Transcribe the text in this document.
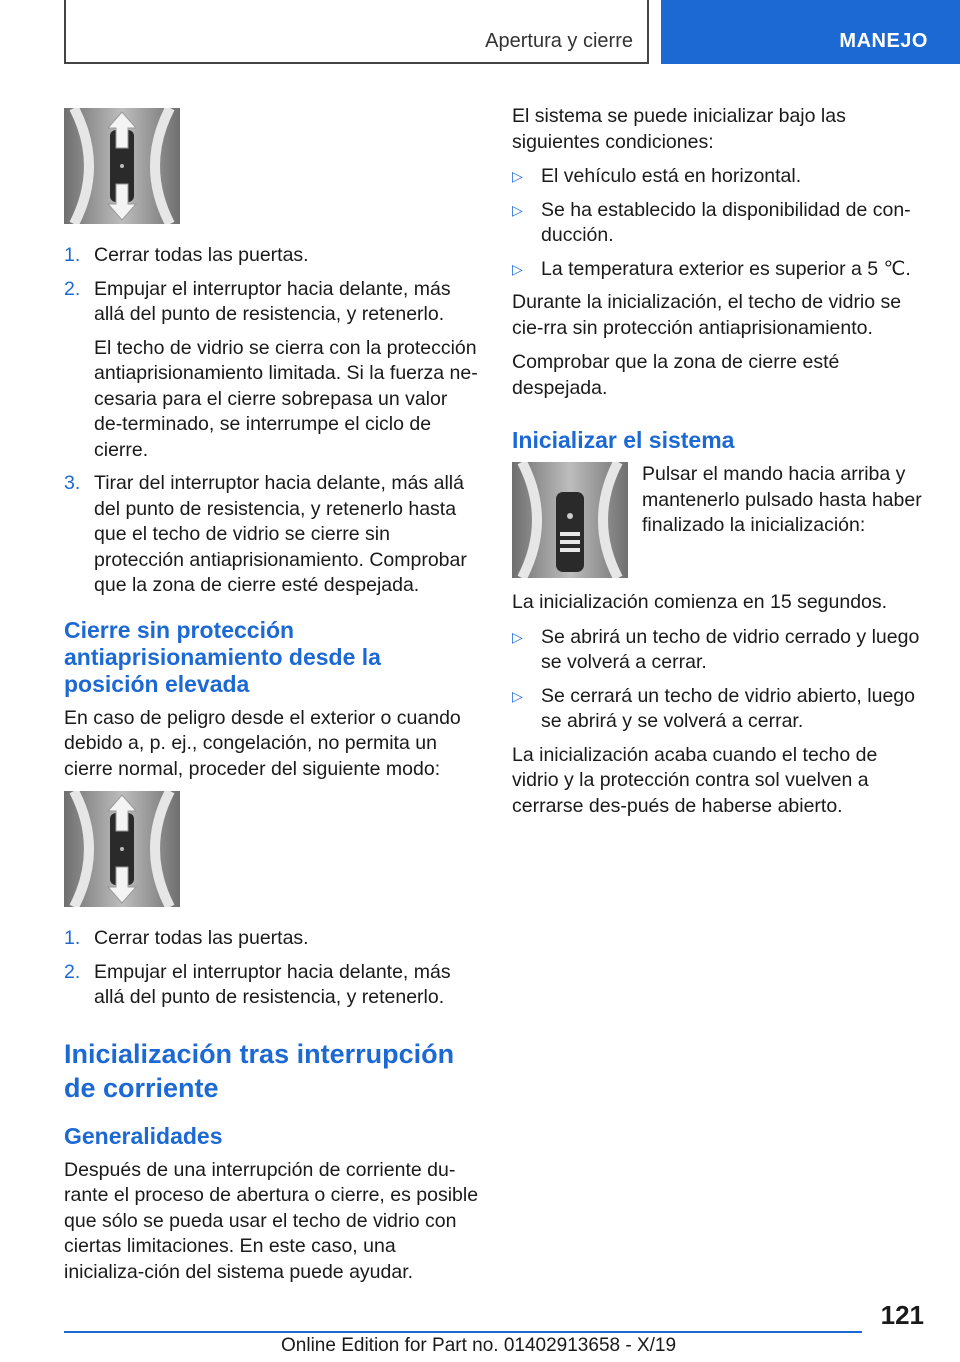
Apertura y cierre	MANEJO
1. Cerrar todas las puertas.
2. Empujar el interruptor hacia delante, más allá del punto de resistencia, y retenerlo.

El techo de vidrio se cierra con la protección antiaprisionamiento limitada. Si la fuerza ne‐cesaria para el cierre sobrepasa un valor de‐terminado, se interrumpe el ciclo de cierre.

3. Tirar del interruptor hacia delante, más allá del punto de resistencia, y retenerlo hasta que el techo de vidrio se cierre sin protección antiaprisionamiento. Comprobar que la zona de cierre esté despejada.
Cierre sin protección antiaprisionamiento desde la posición elevada

En caso de peligro desde el exterior o cuando debido a, p. ej., congelación, no permita un cierre normal, proceder del siguiente modo:

1. Cerrar todas las puertas.
2. Empujar el interruptor hacia delante, más allá del punto de resistencia, y retenerlo.
Inicialización tras interrupción de corriente
Generalidades

Después de una interrupción de corriente du‐rante el proceso de abertura o cierre, es posible que sólo se pueda usar el techo de vidrio con ciertas limitaciones. En este caso, una inicializa‐ción del sistema puede ayudar.

El sistema se puede inicializar bajo las siguientes condiciones:

▷ El vehículo está en horizontal.
▷ Se ha establecido la disponibilidad de con‐ducción.
▷ La temperatura exterior es superior a 5 ℃.

Durante la inicialización, el techo de vidrio se cie‐rra sin protección antiaprisionamiento.

Comprobar que la zona de cierre esté despejada.

Inicializar el sistema

Pulsar el mando hacia arriba y mantenerlo pulsado hasta haber finalizado la inicialización:

La inicialización comienza en 15 segundos.

▷ Se abrirá un techo de vidrio cerrado y luego se volverá a cerrar.
▷ Se cerrará un techo de vidrio abierto, luego se abrirá y se volverá a cerrar.

La inicialización acaba cuando el techo de vidrio y la protección contra sol vuelven a cerrarse des‐pués de haberse abierto.

121
Online Edition for Part no. 01402913658 - X/19
